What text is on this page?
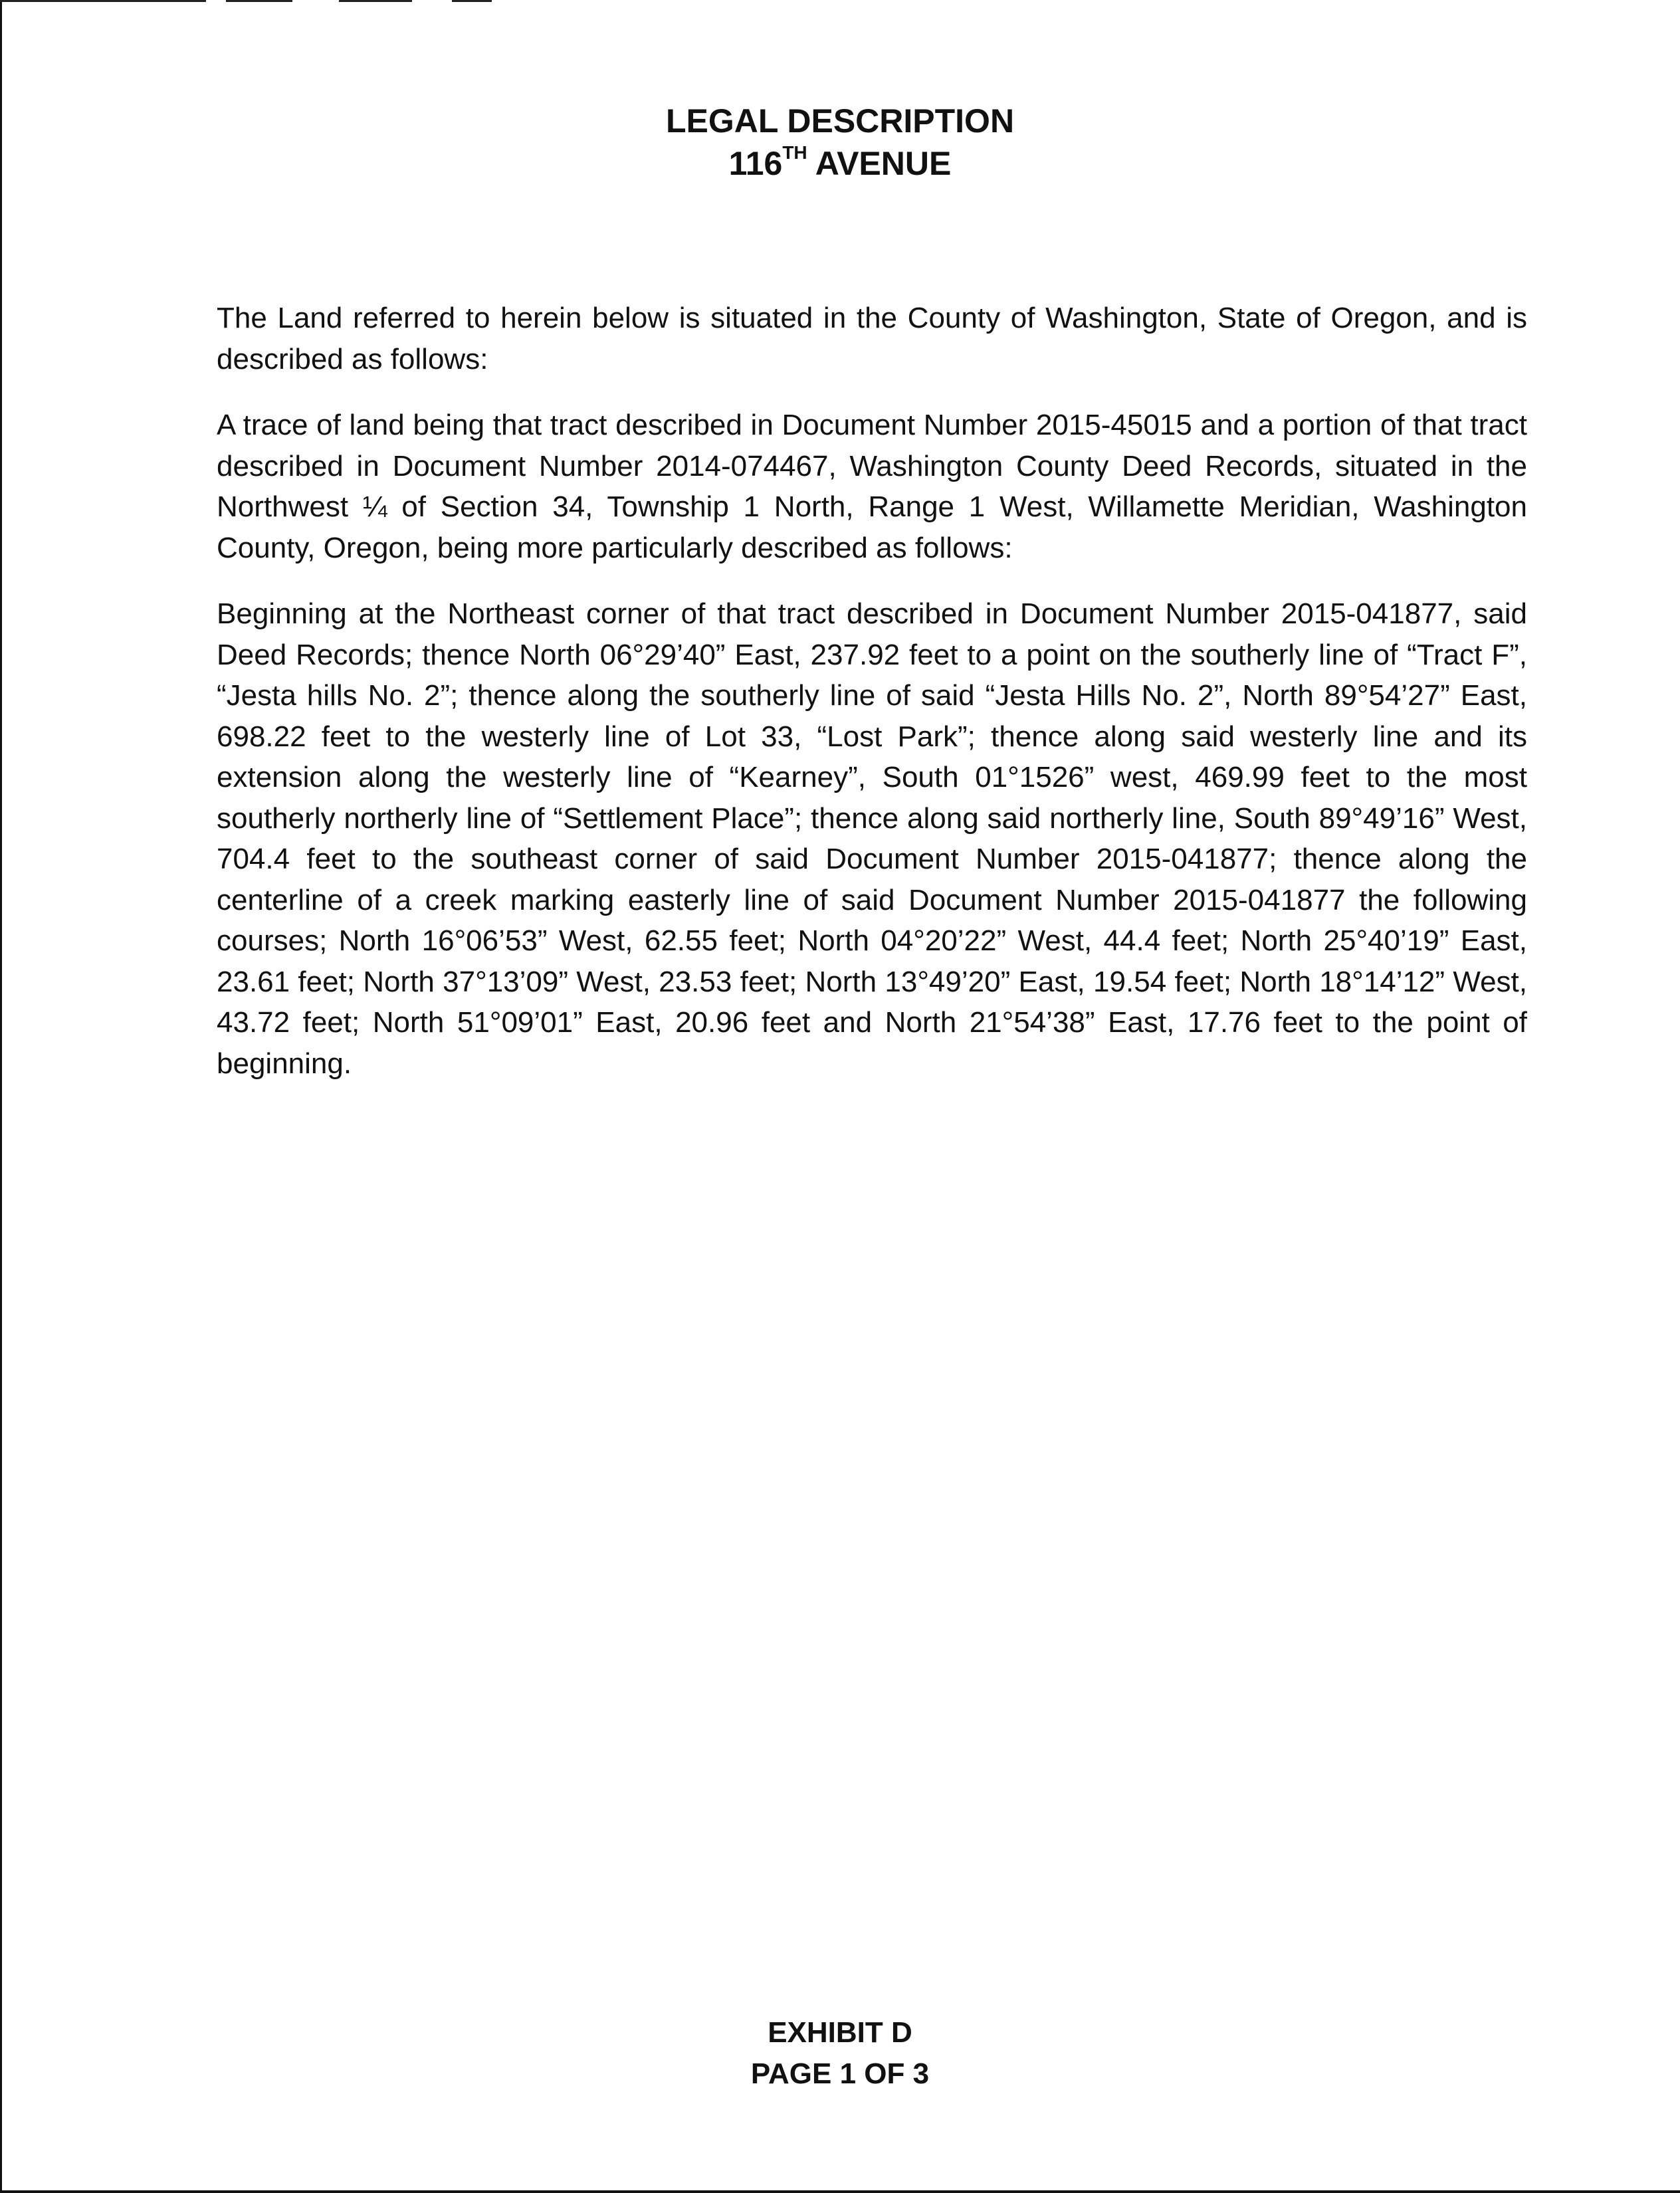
LEGAL DESCRIPTION
116TH AVENUE

The Land referred to herein below is situated in the County of Washington, State of Oregon, and is described as follows:

A trace of land being that tract described in Document Number 2015-45015 and a portion of that tract described in Document Number 2014-074467, Washington County Deed Records, situated in the Northwest ¼ of Section 34, Township 1 North, Range 1 West, Willamette Meridian, Washington County, Oregon, being more particularly described as follows:

Beginning at the Northeast corner of that tract described in Document Number 2015-041877, said Deed Records; thence North 06°29’40” East, 237.92 feet to a point on the southerly line of “Tract F”, “Jesta hills No. 2”; thence along the southerly line of said “Jesta Hills No. 2”, North 89°54’27” East, 698.22 feet to the westerly line of Lot 33, “Lost Park”; thence along said westerly line and its extension along the westerly line of “Kearney”, South 01°1526” west, 469.99 feet to the most southerly northerly line of “Settlement Place”; thence along said northerly line, South 89°49’16” West, 704.4 feet to the southeast corner of said Document Number 2015-041877; thence along the centerline of a creek marking easterly line of said Document Number 2015-041877 the following courses; North 16°06’53” West, 62.55 feet; North 04°20’22” West, 44.4 feet; North 25°40’19” East, 23.61 feet; North 37°13’09” West, 23.53 feet; North 13°49’20” East, 19.54 feet; North 18°14’12” West, 43.72 feet; North 51°09’01” East, 20.96 feet and North 21°54’38” East, 17.76 feet to the point of beginning.

EXHIBIT D
PAGE 1 OF 3
